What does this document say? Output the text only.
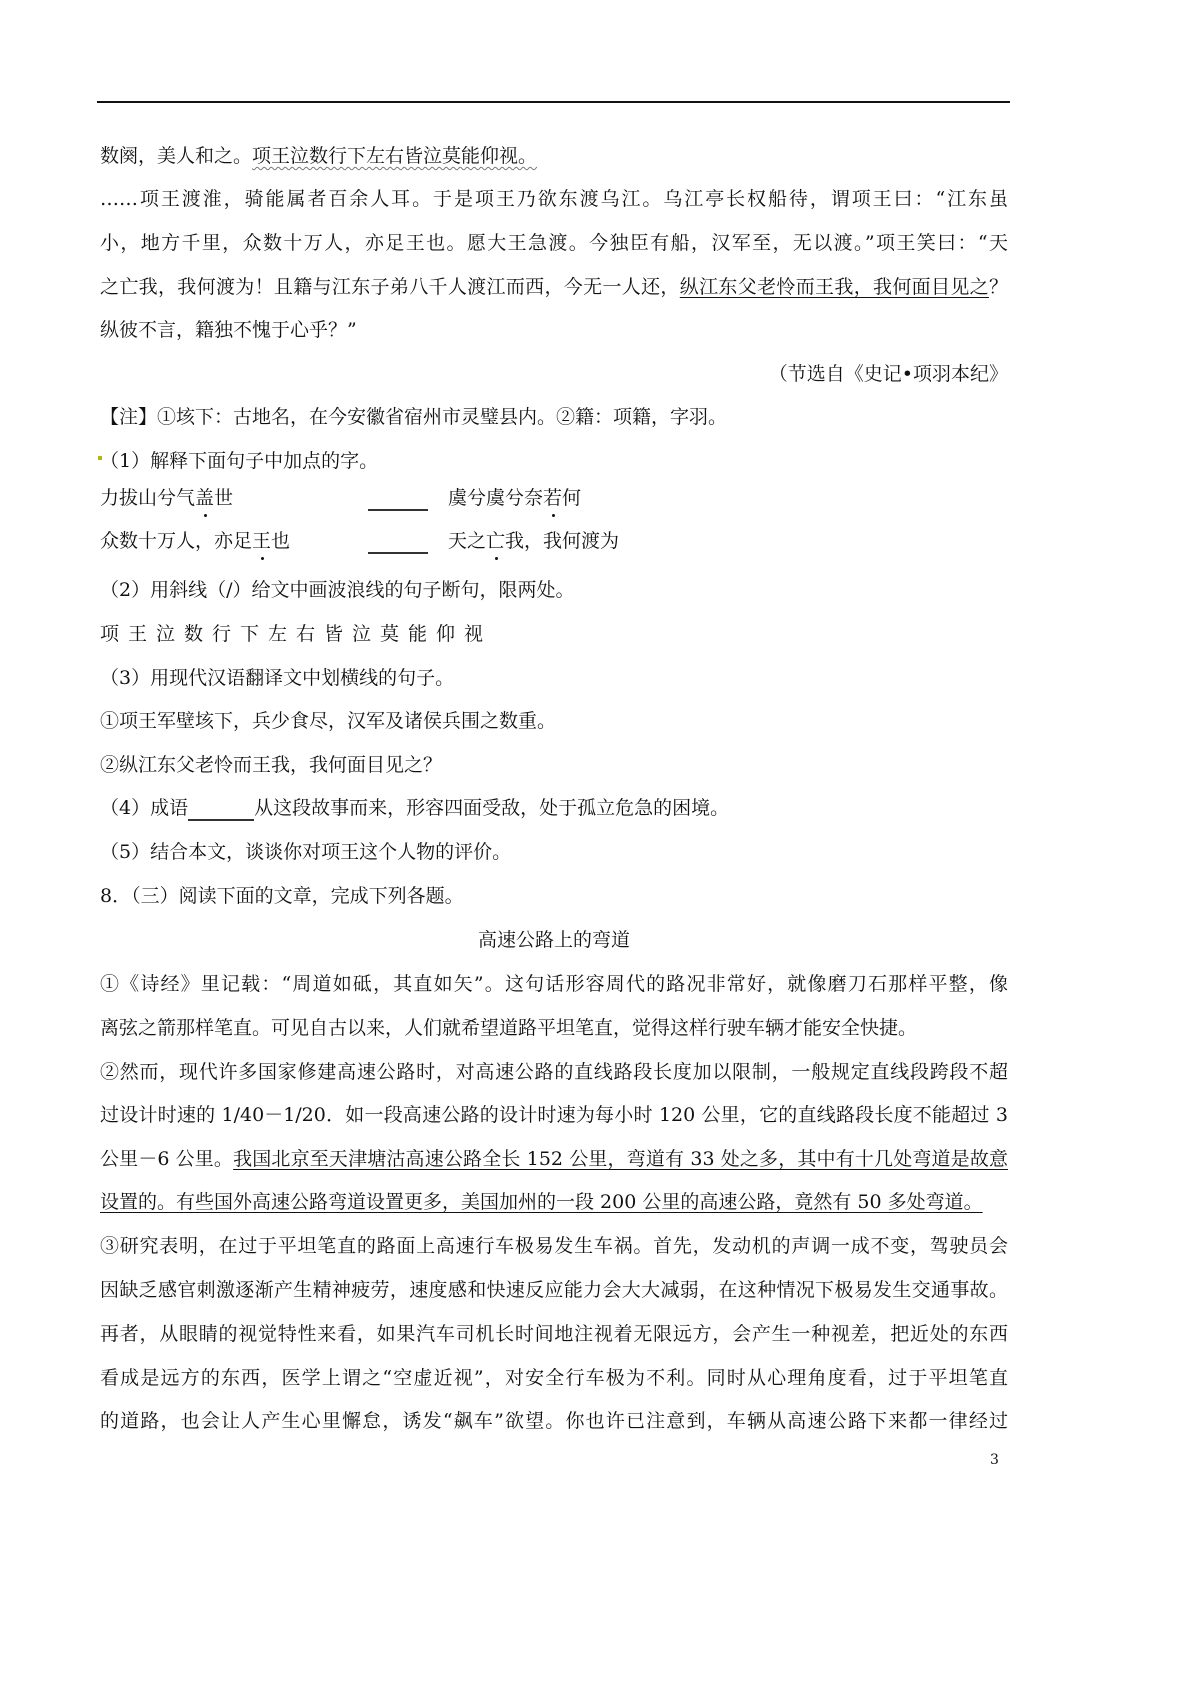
数阕，美人和之。项王泣数行下左右皆泣莫能仰视。
……项王渡淮，骑能属者百余人耳。于是项王乃欲东渡乌江。乌江亭长权船待，谓项王曰：“江东虽
小，地方千里，众数十万人，亦足王也。愿大王急渡。今独臣有船，汉军至，无以渡。”项王笑曰：“天
之亡我，我何渡为！且籍与江东子弟八千人渡江而西，今无一人还，纵江东父老怜而王我，我何面目见之？
纵彼不言，籍独不愧于心乎？”
（节选自《史记•项羽本纪》
【注】①垓下：古地名，在今安徽省宿州市灵璧县内。②籍：项籍，字羽。
（1）解释下面句子中加点的字。
力拔山兮气盖世	虞兮虞兮奈若何
众数十万人，亦足王也	天之亡我，我何渡为
（2）用斜线（/）给文中画波浪线的句子断句，限两处。
项王泣数行下左右皆泣莫能仰视
（3）用现代汉语翻译文中划横线的句子。
①项王军壁垓下，兵少食尽，汉军及诸侯兵围之数重。
②纵江东父老怜而王我，我何面目见之？
（4）成语	从这段故事而来，形容四面受敌，处于孤立危急的困境。
（5）结合本文，谈谈你对项王这个人物的评价。
8．（三）阅读下面的文章，完成下列各题。
高速公路上的弯道
①《诗经》里记载：“周道如砥，其直如矢”。这句话形容周代的路况非常好，就像磨刀石那样平整，像
离弦之箭那样笔直。可见自古以来，人们就希望道路平坦笔直，觉得这样行驶车辆才能安全快捷。
②然而，现代许多国家修建高速公路时，对高速公路的直线路段长度加以限制，一般规定直线段跨段不超
过设计时速的 1/40－1/20．如一段高速公路的设计时速为每小时 120 公里，它的直线路段长度不能超过 3
公里－6 公里。我国北京至天津塘沽高速公路全长 152 公里，弯道有 33 处之多，其中有十几处弯道是故意
设置的。有些国外高速公路弯道设置更多，美国加州的一段 200 公里的高速公路，竟然有 50 多处弯道。
③研究表明，在过于平坦笔直的路面上高速行车极易发生车祸。首先，发动机的声调一成不变，驾驶员会
因缺乏感官刺激逐渐产生精神疲劳，速度感和快速反应能力会大大减弱，在这种情况下极易发生交通事故。
再者，从眼睛的视觉特性来看，如果汽车司机长时间地注视着无限远方，会产生一种视差，把近处的东西
看成是远方的东西，医学上谓之“空虚近视”，对安全行车极为不利。同时从心理角度看，过于平坦笔直
的道路，也会让人产生心里懈怠，诱发“飙车”欲望。你也许已注意到，车辆从高速公路下来都一律经过
3
